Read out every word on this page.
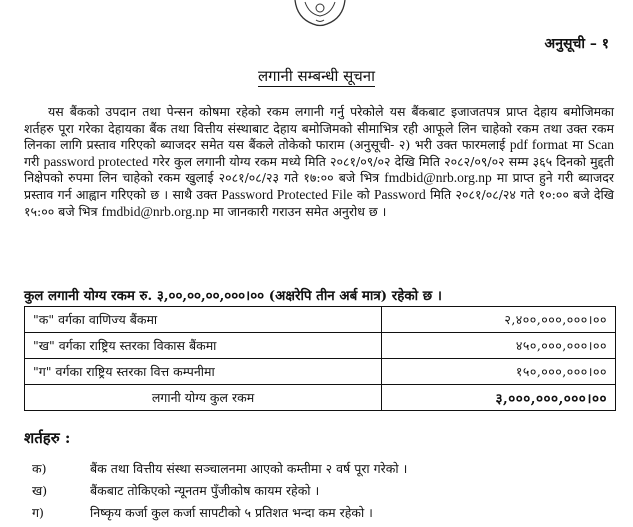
अनुसूची – १
लगानी सम्बन्धी सूचना
यस बैंकको उपदान तथा पेन्सन कोषमा रहेको रकम लगानी गर्नु परेकोले यस बैंकबाट इजाजतपत्र प्राप्त देहाय बमोजिमका शर्तहरु पूरा गरेका देहायका बैंक तथा वित्तीय संस्थाबाट देहाय बमोजिमको सीमाभित्र रही आफूले लिन चाहेको रकम तथा उक्त रकम लिनका लागि प्रस्ताव गरिएको ब्याजदर समेत यस बैंकले तोकेको फाराम (अनुसूची- २) भरी उक्त फारमलाई pdf format मा Scan गरी password protected गरेर कुल लगानी योग्य रकम मध्ये मिति २०८१/०९/०२ देखि मिति २०८२/०९/०२ सम्म ३६५ दिनको मुद्दती निक्षेपको रुपमा लिन चाहेको रकम खुलाई २०८१/०८/२३ गते १७:०० बजे भित्र fmdbid@nrb.org.np मा प्राप्त हुने गरी ब्याजदर प्रस्ताव गर्न आह्वान गरिएको छ । साथै उक्त Password Protected File को Password मिति २०८१/०८/२४ गते १०:०० बजे देखि १५:०० बजे भित्र fmdbid@nrb.org.np मा जानकारी गराउन समेत अनुरोध छ ।
कुल लगानी योग्य रकम रु. ३,००,००,००,०००।०० (अक्षरेपि तीन अर्ब मात्र) रहेको छ ।
"क" वर्गका वाणिज्य बैंकमा	२,४००,०००,०००।००
"ख" वर्गका राष्ट्रिय स्तरका विकास बैंकमा	४५०,०००,०००।००
"ग" वर्गका राष्ट्रिय स्तरका वित्त कम्पनीमा	१५०,०००,०००।००
लगानी योग्य कुल रकम	३,०००,०००,०००।००
शर्तहरु :
क)	बैंक तथा वित्तीय संस्था सञ्चालनमा आएको कम्तीमा २ वर्ष पूरा गरेको ।
ख)	बैंकबाट तोकिएको न्यूनतम पुँजीकोष कायम रहेको ।
ग)	निष्कृय कर्जा कुल कर्जा सापटीको ५ प्रतिशत भन्दा कम रहेको ।
